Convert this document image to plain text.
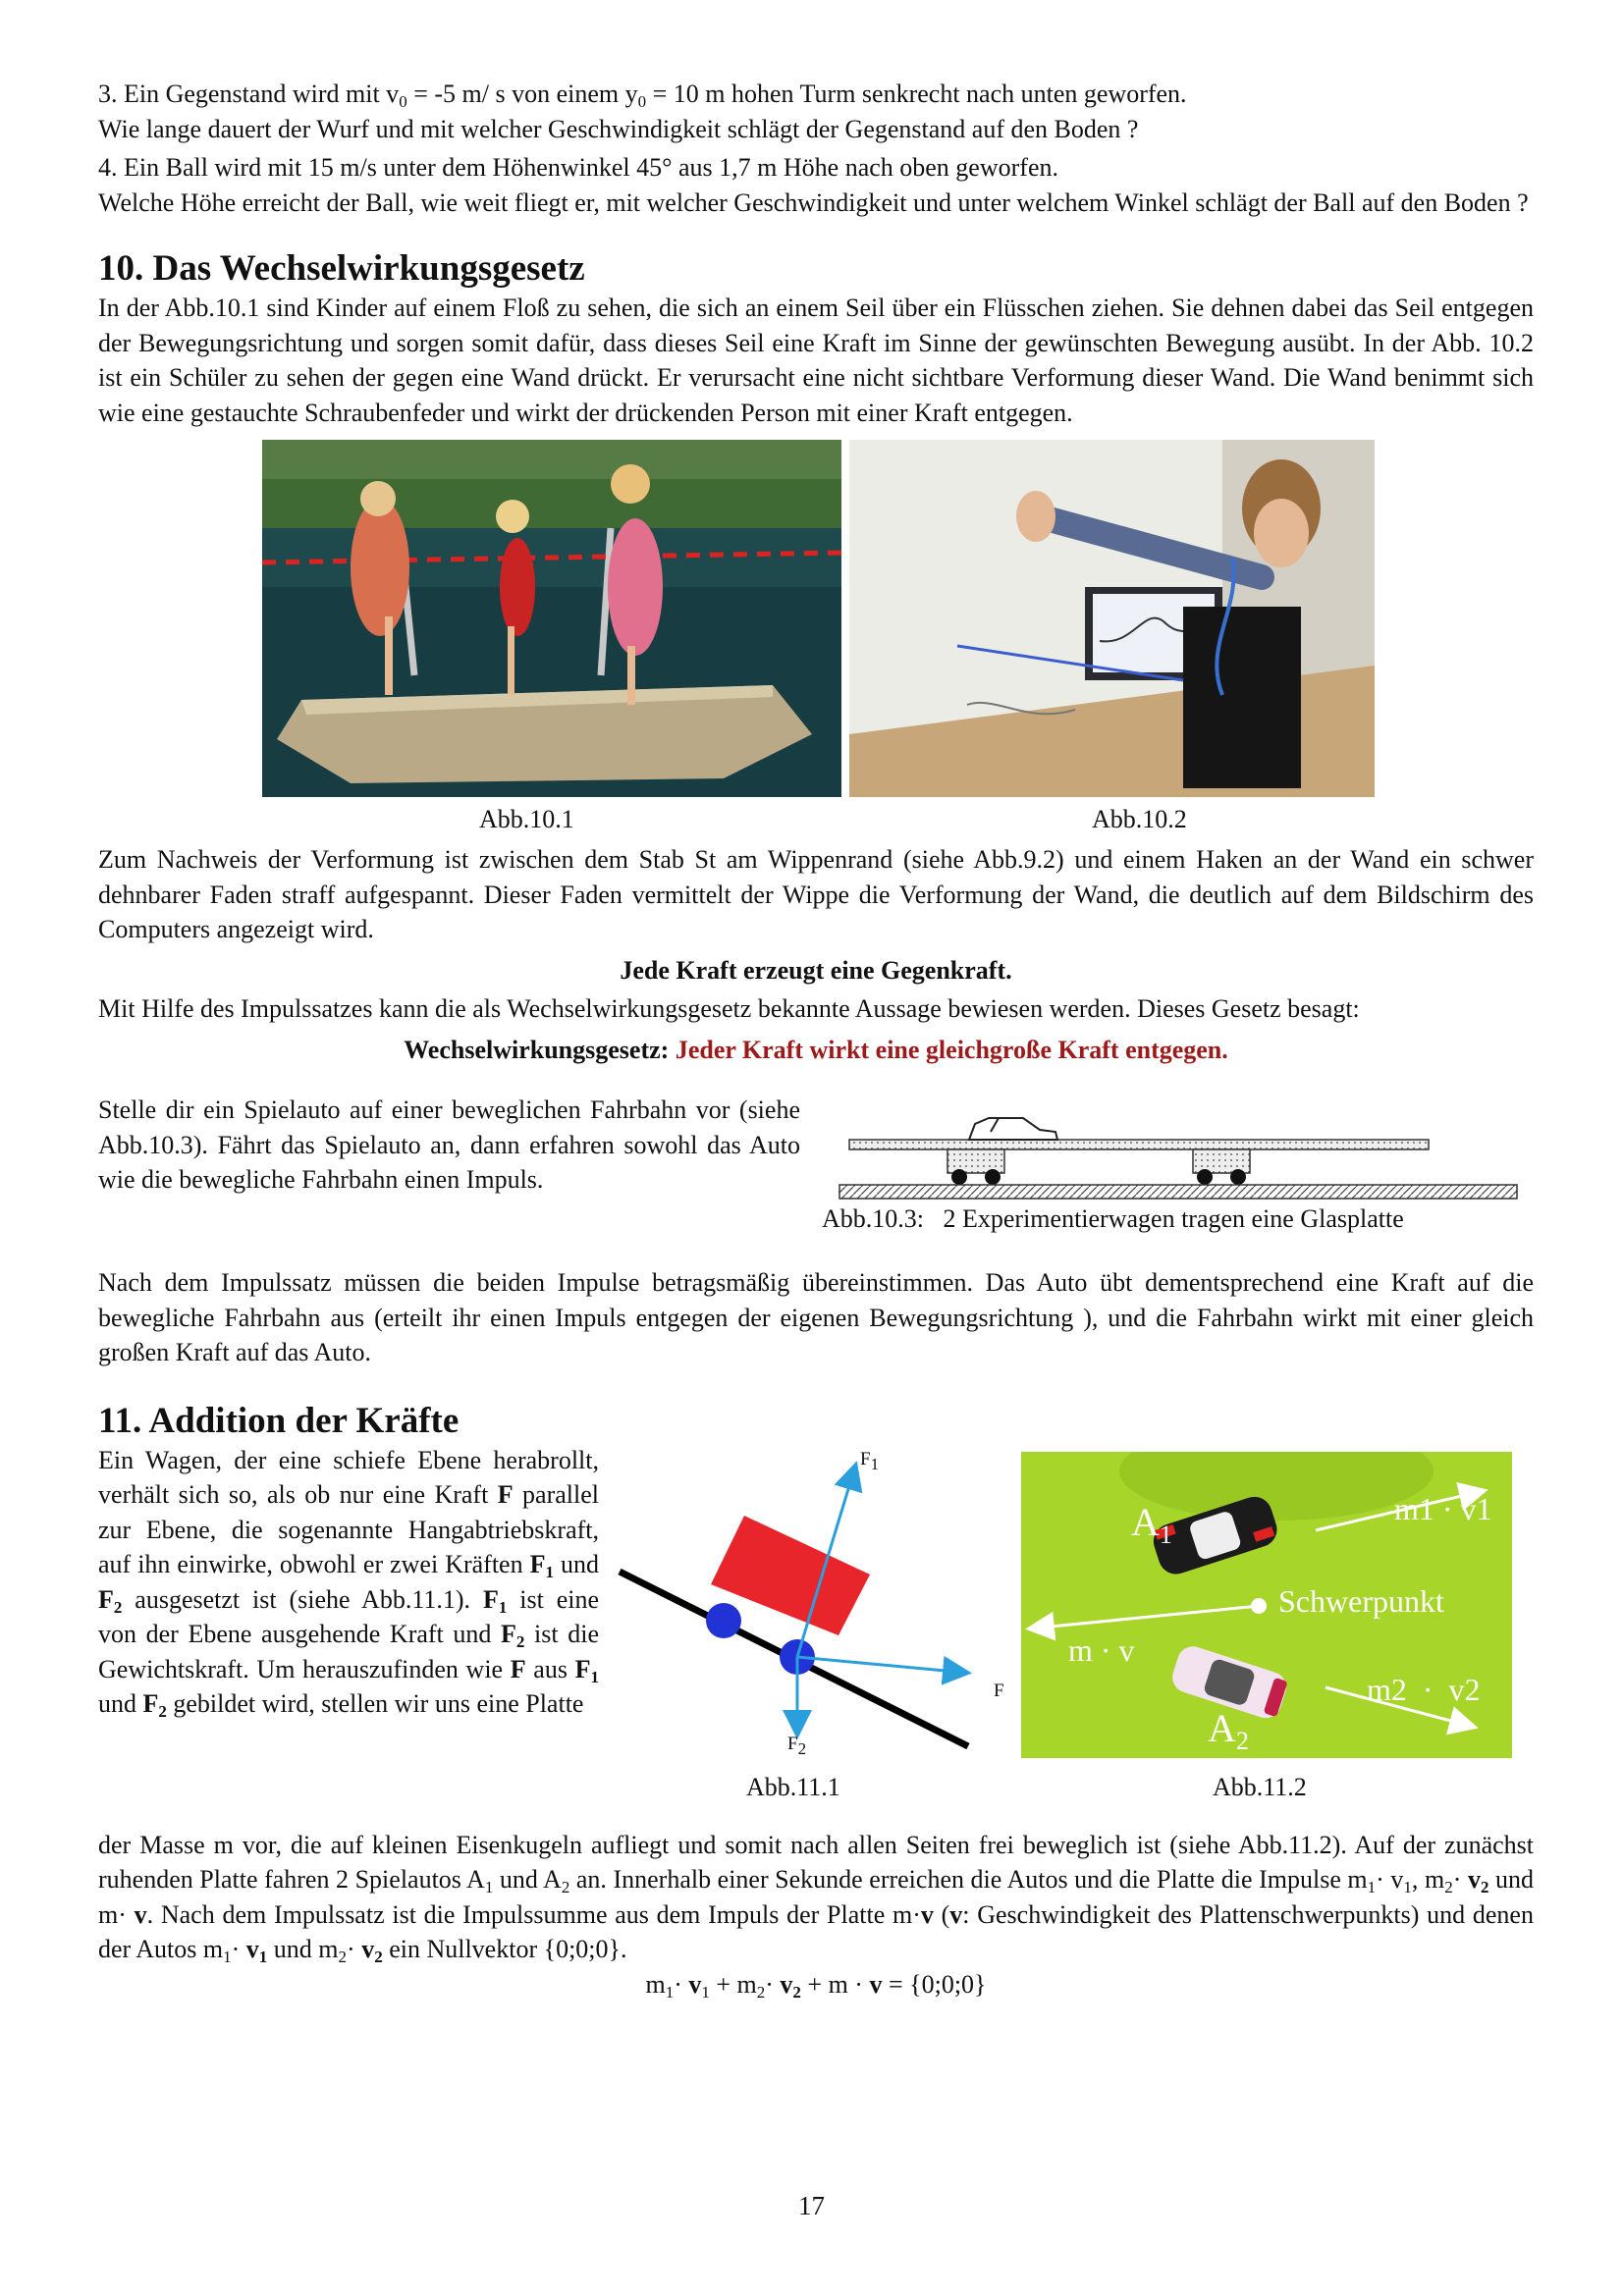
3. Ein Gegenstand wird mit $v_0 = -5$ m/ s von einem $y_0 = 10$ m hohen Turm senkrecht nach unten geworfen.

Wie lange dauert der Wurf und mit welcher Geschwindigkeit schlägt der Gegenstand auf den Boden ?

4. Ein Ball wird mit 15 m/s unter dem Höhenwinkel 45° aus 1,7 m Höhe nach oben geworfen.

Welche Höhe erreicht der Ball, wie weit fliegt er, mit welcher Geschwindigkeit und unter welchem Winkel schlägt der Ball auf den Boden ?

10. Das Wechselwirkungsgesetz

In der Abb.10.1 sind Kinder auf einem Floß zu sehen, die sich an einem Seil über ein Flüsschen ziehen. Sie dehnen dabei das Seil entgegen der Bewegungsrichtung und sorgen somit dafür, dass dieses Seil eine Kraft im Sinne der gewünschten Bewegung ausübt. In der Abb. 10.2 ist ein Schüler zu sehen der gegen eine Wand drückt. Er verursacht eine nicht sichtbare Verformung dieser Wand. Die Wand benimmt sich wie eine gestauchte Schraubenfeder und wirkt der drückenden Person mit einer Kraft entgegen.

Abb.10.1	Abb.10.2

Zum Nachweis der Verformung ist zwischen dem Stab St am Wippenrand (siehe Abb.9.2) und einem Haken an der Wand ein schwer dehnbarer Faden straff aufgespannt. Dieser Faden vermittelt der Wippe die Verformung der Wand, die deutlich auf dem Bildschirm des Computers angezeigt wird.

Jede Kraft erzeugt eine Gegenkraft.

Mit Hilfe des Impulssatzes kann die als Wechselwirkungsgesetz bekannte Aussage bewiesen werden. Dieses Gesetz besagt:

Wechselwirkungsgesetz: Jeder Kraft wirkt eine gleichgroße Kraft entgegen.

Stelle dir ein Spielauto auf einer beweglichen Fahrbahn vor (siehe Abb.10.3). Fährt das Spielauto an, dann erfahren sowohl das Auto wie die bewegliche Fahrbahn einen Impuls.

Abb.10.3:   2 Experimentierwagen tragen eine Glasplatte

Nach dem Impulssatz müssen die beiden Impulse betragsmäßig übereinstimmen. Das Auto übt dementsprechend eine Kraft auf die bewegliche Fahrbahn aus (erteilt ihr einen Impuls entgegen der eigenen Bewegungsrichtung ), und die Fahrbahn wirkt mit einer gleich großen Kraft auf das Auto.

11. Addition der Kräfte

Ein Wagen, der eine schiefe Ebene herabrollt, verhält sich so, als ob nur eine Kraft F parallel zur Ebene, die sogenannte Hangabtriebskraft, auf ihn einwirke, obwohl er zwei Kräften $F_1$ und $F_2$ ausgesetzt ist (siehe Abb.11.1). $F_1$ ist eine von der Ebene ausgehende Kraft und $F_2$ ist die Gewichtskraft. Um herauszufinden wie F aus $F_1$ und $F_2$ gebildet wird, stellen wir uns eine Platte

$F_1$
$F_2$
F
$A_1$
$A_2$
m1 · v1
m2  ·  v2
m · v
Schwerpunkt
Abb.11.1	Abb.11.2

der Masse m vor, die auf kleinen Eisenkugeln aufliegt und somit nach allen Seiten frei beweglich ist (siehe Abb.11.2). Auf der zunächst ruhenden Platte fahren 2 Spielautos $A_1$ und $A_2$ an. Innerhalb einer Sekunde erreichen die Autos und die Platte die Impulse $m_1\cdot v_1$, $m_2\cdot v_2$ und m· v. Nach dem Impulssatz ist die Impulssumme aus dem Impuls der Platte m·v (v: Geschwindigkeit des Plattenschwerpunkts) und denen der Autos $m_1\cdot v_1$ und $m_2\cdot v_2$ ein Nullvektor {0;0;0}.

$m_1\cdot v_1 + m_2\cdot v_2 + m \cdot v$ = {0;0;0}

17
